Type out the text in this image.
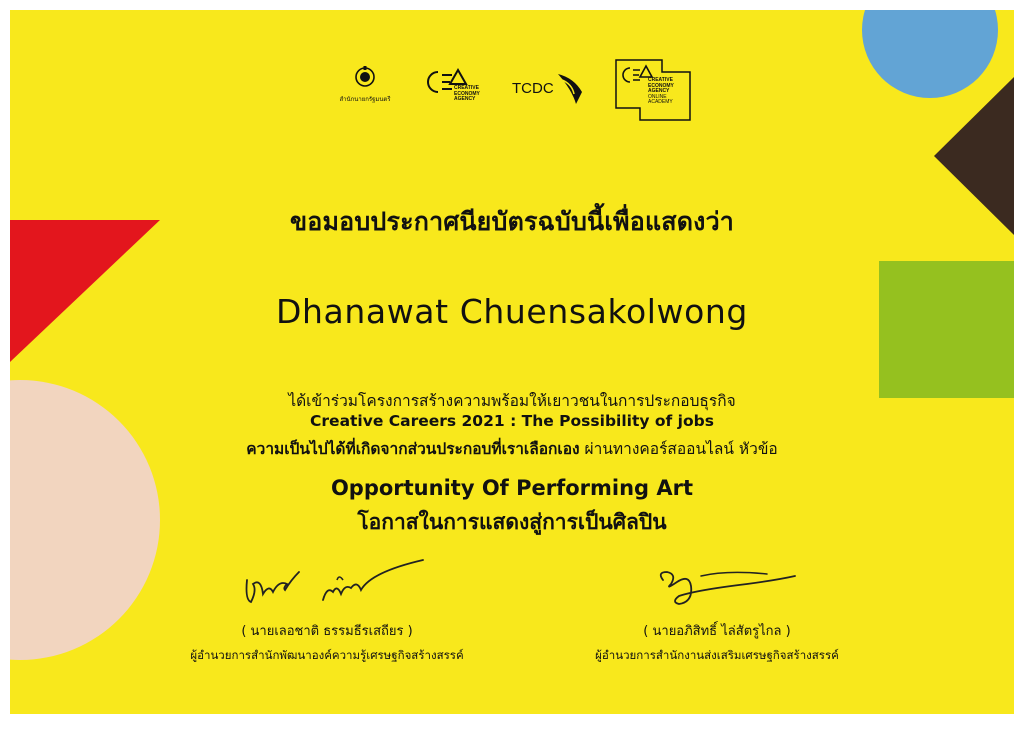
สำนักนายกรัฐมนตรี
CREATIVE
ECONOMY
AGENCY
TCDC	CREATIVE
ECONOMY
AGENCY
ONLINE
ACADEMY
ขอมอบประกาศนียบัตรฉบับนี้เพื่อแสดงว่า
Dhanawat Chuensakolwong
ได้เข้าร่วมโครงการสร้างความพร้อมให้เยาวชนในการประกอบธุรกิจ
Creative Careers 2021 : The Possibility of jobs
ความเป็นไปได้ที่เกิดจากส่วนประกอบที่เราเลือกเอง ผ่านทางคอร์สออนไลน์ หัวข้อ
Opportunity Of Performing Art
โอกาสในการแสดงสู่การเป็นศิลปิน
( นายเลอชาติ ธรรมธีรเสถียร )
ผู้อำนวยการสำนักพัฒนาองค์ความรู้เศรษฐกิจสร้างสรรค์
( นายอภิสิทธิ์ ไล่สัตรูไกล )
ผู้อำนวยการสำนักงานส่งเสริมเศรษฐกิจสร้างสรรค์
